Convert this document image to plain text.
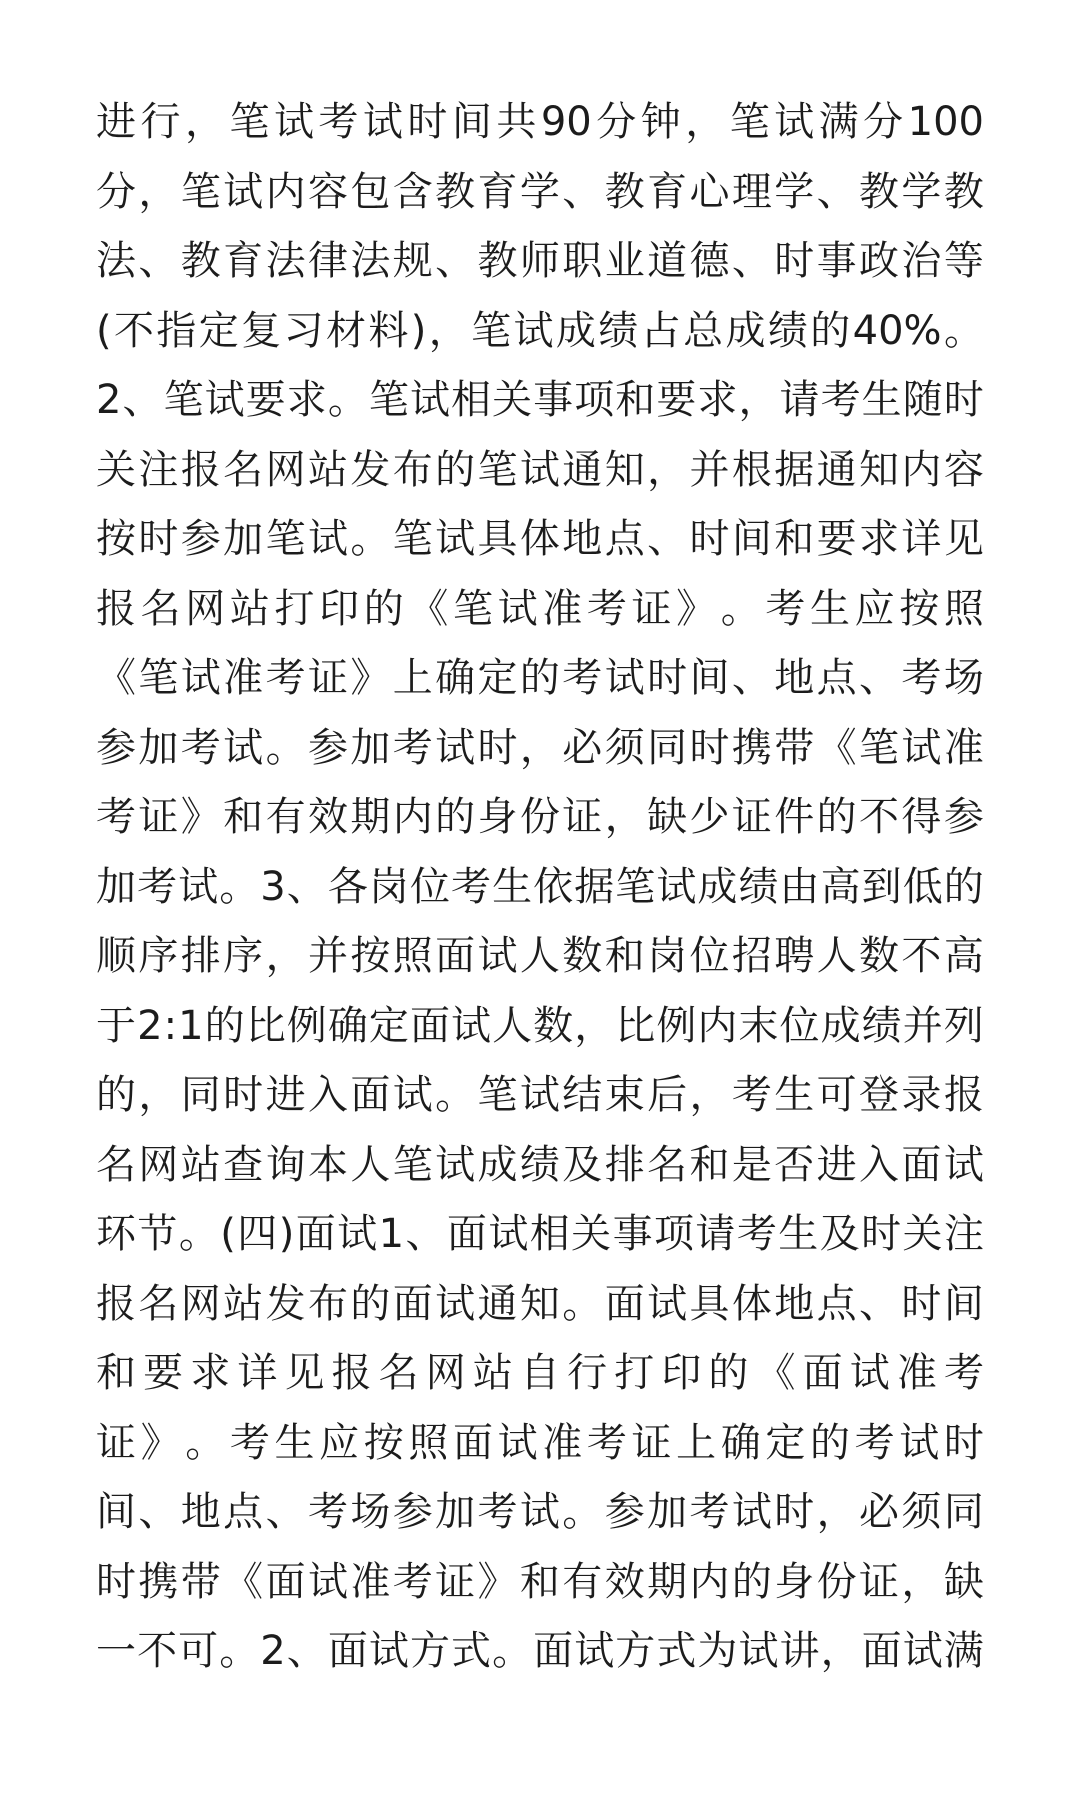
进 行 ， 笔 试 考 试 时 间 共 90 分 钟 ， 笔 试 满 分 100
分 ， 笔 试 内 容 包 含 教 育 学 、 教 育 心 理 学 、 教 学 教
法 、 教 育 法 律 法 规 、 教 师 职 业 道 德 、 时 事 政 治 等
( 不 指 定 复 习 材 料 ) ， 笔 试 成 绩 占 总 成 绩 的 40% 。
2 、 笔 试 要 求 。 笔 试 相 关 事 项 和 要 求 ， 请 考 生 随 时
关 注 报 名 网 站 发 布 的 笔 试 通 知 ， 并 根 据 通 知 内 容
按 时 参 加 笔 试 。 笔 试 具 体 地 点 、 时 间 和 要 求 详 见
报 名 网 站 打 印 的 《 笔 试 准 考 证 》 。 考 生 应 按 照
《 笔 试 准 考 证 》 上 确 定 的 考 试 时 间 、 地 点 、 考 场
参 加 考 试 。 参 加 考 试 时 ， 必 须 同 时 携 带 《 笔 试 准
考 证 》 和 有 效 期 内 的 身 份 证 ， 缺 少 证 件 的 不 得 参
加 考 试 。 3 、 各 岗 位 考 生 依 据 笔 试 成 绩 由 高 到 低 的
顺 序 排 序 ， 并 按 照 面 试 人 数 和 岗 位 招 聘 人 数 不 高
于 2 : 1 的 比 例 确 定 面 试 人 数 ， 比 例 内 末 位 成 绩 并 列
的 ， 同 时 进 入 面 试 。 笔 试 结 束 后 ， 考 生 可 登 录 报
名 网 站 查 询 本 人 笔 试 成 绩 及 排 名 和 是 否 进 入 面 试
环 节 。 ( 四 ) 面 试 1 、 面 试 相 关 事 项 请 考 生 及 时 关 注
报 名 网 站 发 布 的 面 试 通 知 。 面 试 具 体 地 点 、 时 间
和 要 求 详 见 报 名 网 站 自 行 打 印 的 《 面 试 准 考
证 》 。 考 生 应 按 照 面 试 准 考 证 上 确 定 的 考 试 时
间 、 地 点 、 考 场 参 加 考 试 。 参 加 考 试 时 ， 必 须 同
时 携 带 《 面 试 准 考 证 》 和 有 效 期 内 的 身 份 证 ， 缺
一 不 可 。 2 、 面 试 方 式 。 面 试 方 式 为 试 讲 ， 面 试 满
